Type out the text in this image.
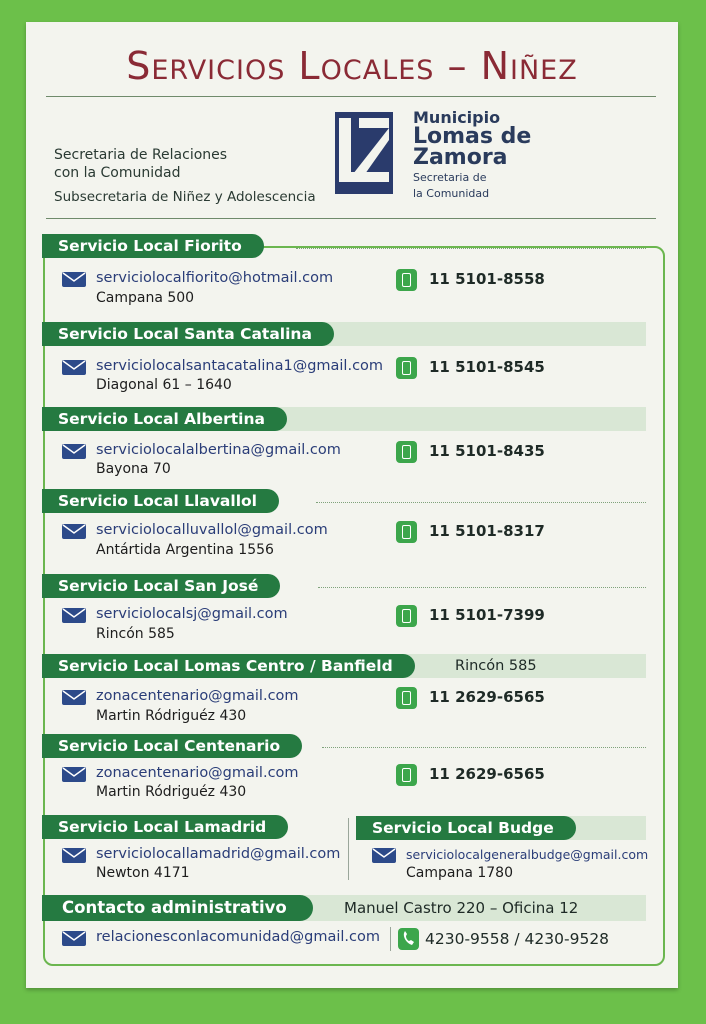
Servicios Locales – Niñez
Secretaria de Relaciones
con la Comunidad
Subsecretaria de Niñez y Adolescencia
Municipio
Lomas de
Zamora
Secretaria de
la Comunidad
Servicio Local Fiorito
serviciolocalfiorito@hotmail.com
Campana 500
11 5101-8558
Servicio Local Santa Catalina
serviciolocalsantacatalina1@gmail.com
Diagonal 61 – 1640
11 5101-8545
Servicio Local Albertina
serviciolocalalbertina@gmail.com
Bayona 70
11 5101-8435
Servicio Local Llavallol
serviciolocalluvallol@gmail.com
Antártida Argentina 1556
11 5101-8317
Servicio Local San José
serviciolocalsj@gmail.com
Rincón 585
11 5101-7399
Servicio Local Lomas Centro / Banfield	Rincón 585
zonacentenario@gmail.com
Martin Ródriguéz 430
11 2629-6565
Servicio Local Centenario
zonacentenario@gmail.com
Martin Ródriguéz 430
11 2629-6565
Servicio Local Lamadrid
serviciolocallamadrid@gmail.com
Newton 4171
Servicio Local Budge
serviciolocalgeneralbudge@gmail.com
Campana 1780
Contacto administrativo	Manuel Castro 220 – Oficina 12
relacionesconlacomunidad@gmail.com	4230-9558 / 4230-9528
